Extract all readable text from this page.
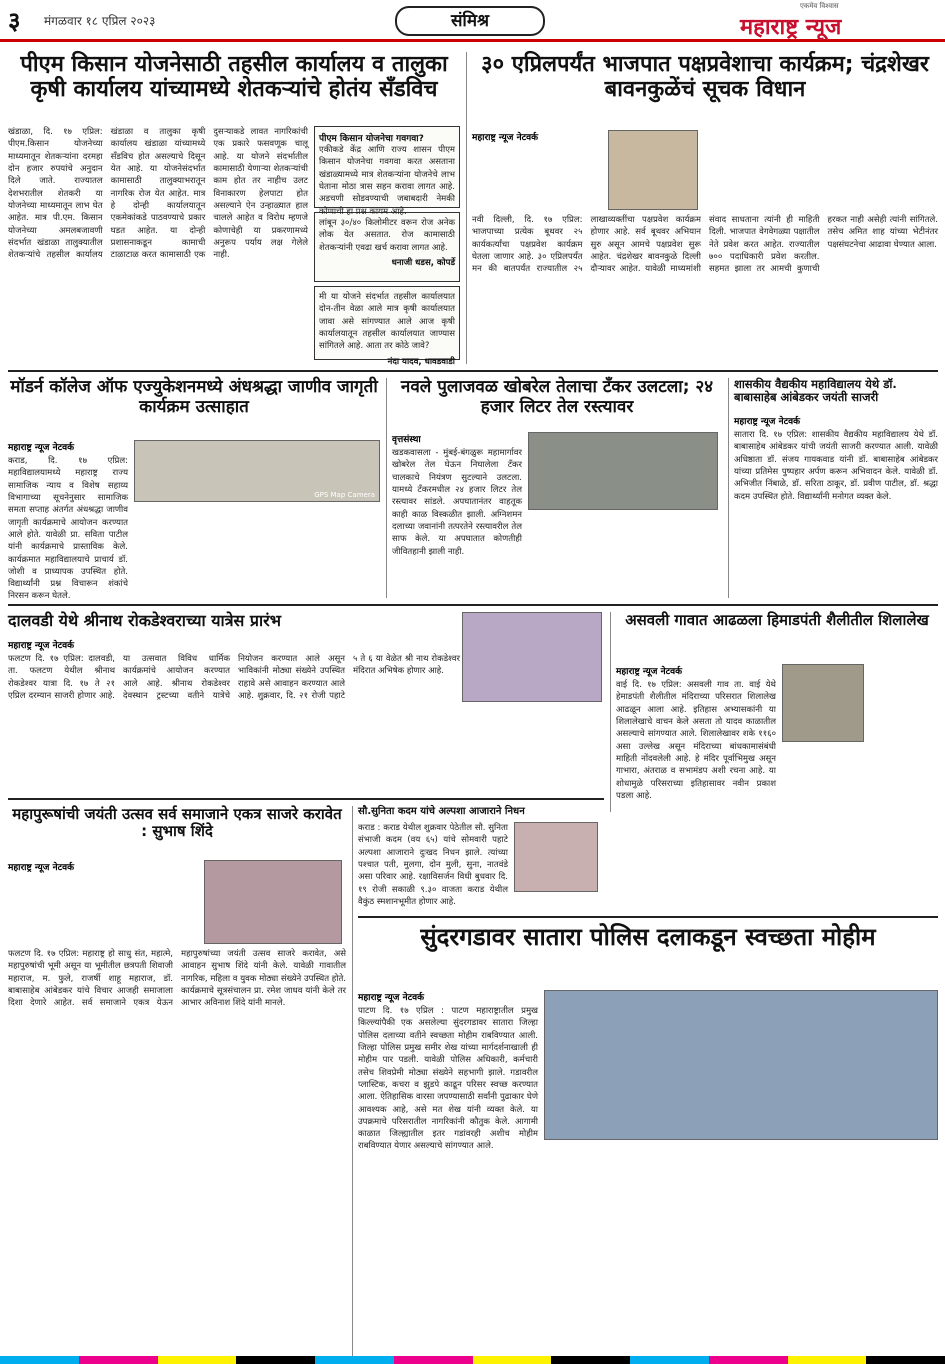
३ मंगळवार १८ एप्रिल २०२३	संमिश्र
एकमेव विश्वास
महाराष्ट्र न्यूज
पीएम किसान योजनेसाठी तहसील कार्यालय व तालुका कृषी कार्यालय यांच्यामध्ये शेतकऱ्यांचे होतंय सँडविच
खंडाळा, दि. १७ एप्रिल: पीएम.किसान योजनेच्या माध्यमातून शेतकऱ्यांना दरमहा दोन हजार रुपयांचे अनुदान दिले जाते. राज्यातल देशभरातील शेतकरी या योजनेच्या माध्यमातून लाभ घेत आहेत. मात्र पी.एम. किसान योजनेच्या अमलबजावणी संदर्भात खंडाळा तालुक्यातील शेतकऱ्यांचे तहसील कार्यालय खंडाळा व तालुका कृषी कार्यालय खंडाळा यांच्यामध्ये सँडविच होत असल्याचे दिसून येत आहे. या योजनेसंदर्भात कामासाठी तालुक्याभरातून नागरिक रोज येत आहेत. मात्र हे दोन्ही कार्यालयातून एकमेकांकडे पाठवण्याचे प्रकार घडत आहेत. या दोन्ही प्रशासनाकडून कामाची टाळाटाळ करत कामासाठी एक दुसऱ्याकडे लावत नागरिकांची एक प्रकारे फसवणूक चालू आहे. या योजने संदर्भातील कामासाठी येणाऱ्या शेतकऱ्यांची काम होत तर नाहीच उलट विनाकारण हेलपाटा होत असल्याने ऐन उन्हाळ्यात हाल चालले आहेत व विरोध म्हणजे कोणाचेही या प्रकरणामध्ये अनुरूप पर्याय लक्ष गेलेले नाही.
पीएम किसान योजनेचा गवगवा?
एकीकडे केंद्र आणि राज्य शासन पीएम किसान योजनेचा गवगवा करत असताना खंडाळ्यामध्ये मात्र शेतकऱ्यांना योजनेचे लाभ घेताना मोठा त्रास सहन करावा लागत आहे. अडचणी सोडवण्याची जबाबदारी नेमकी कोणाची हा प्रश्न कायम आहे.
लांबून ३०/४० किलोमीटर वरून रोज अनेक लोक येत असतात. रोज कामासाठी शेतकऱ्यांनी एवढा खर्च करावा लागत आहे.
धनाजी धडस, कोपर्डे
मी या योजने संदर्भात तहसील कार्यालयात दोन-तीन वेळा आले मात्र कृषी कार्यालयात जावा असे सांगण्यात आले आज कृषी कार्यालयातून तहसील कार्यालयात जाण्यास सांगितले आहे. आता तर कोठे जावे?
नंदा यादव, धावडवाडी
३० एप्रिलपर्यंत भाजपात पक्षप्रवेशाचा कार्यक्रम; चंद्रशेखर बावनकुळेंचं सूचक विधान
महाराष्ट्र न्यूज नेटवर्क
नवी दिल्ली, दि. १७ एप्रिल: भाजपाच्या प्रत्येक बूथवर २५ कार्यकर्त्यांचा पक्षप्रवेश कार्यक्रम घेतला जाणार आहे. ३० एप्रिलपर्यंत मन की बातपर्यंत राज्यातील २५ लाखाव्यक्तींचा पक्षप्रवेश कार्यक्रम होणार आहे. सर्व बूथवर अभियान सुरु असून आमचे पक्षप्रवेश सुरू आहेत. चंद्रशेखर बावनकुळे दिल्ली दौऱ्यावर आहेत. यावेळी माध्यमांशी संवाद साधताना त्यांनी ही माहिती दिली. भाजपात वेगवेगळ्या पक्षातील नेते प्रवेश करत आहेत. राज्यातील ७०० पदाधिकारी प्रवेश करतील. सहमत झाला तर आमची कुणाची हरकत नाही असेही त्यांनी सांगितले. तसेच अमित शाह यांच्या भेटीनंतर पक्षसंघटनेचा आढावा घेण्यात आला.
मॉडर्न कॉलेज ऑफ एज्युकेशनमध्ये अंधश्रद्धा जाणीव जागृती कार्यक्रम उत्साहात
महाराष्ट्र न्यूज नेटवर्क
कराड, दि. १७ एप्रिल: महाविद्यालयामध्ये महाराष्ट्र राज्य सामाजिक न्याय व विशेष सहाय्य विभागाच्या सूचनेनुसार सामाजिक समता सप्ताह अंतर्गत अंधश्रद्धा जाणीव जागृती कार्यक्रमाचे आयोजन करण्यात आले होते. यावेळी प्रा. सविता पाटील यांनी कार्यक्रमाचे प्रास्ताविक केले. कार्यक्रमात महाविद्यालयाचे प्राचार्य डॉ. जोशी व प्राध्यापक उपस्थित होते. विद्यार्थ्यांनी प्रश्न विचारून शंकांचे निरसन करून घेतले.
GPS Map Camera
नवले पुलाजवळ खोबरेल तेलाचा टँकर उलटला; २४ हजार लिटर तेल रस्त्यावर
वृत्तसंस्था
खडकवासला - मुंबई-बंगळुरू महामार्गावर खोबरेल तेल घेऊन निघालेला टँकर चालकाचे नियंत्रण सुटल्याने उलटला. यामध्ये टँकरमधील २४ हजार लिटर तेल रस्त्यावर सांडले. अपघातानंतर वाहतूक काही काळ विस्कळीत झाली. अग्निशमन दलाच्या जवानांनी तत्परतेने रस्त्यावरील तेल साफ केले. या अपघातात कोणतीही जीवितहानी झाली नाही.
शासकीय वैद्यकीय महाविद्यालय येथे डॉ. बाबासाहेब आंबेडकर जयंती साजरी
महाराष्ट्र न्यूज नेटवर्क
सातारा दि. १७ एप्रिल: शासकीय वैद्यकीय महाविद्यालय येथे डॉ. बाबासाहेब आंबेडकर यांची जयंती साजरी करण्यात आली. यावेळी अधिष्ठाता डॉ. संजय गायकवाड यांनी डॉ. बाबासाहेब आंबेडकर यांच्या प्रतिमेस पुष्पहार अर्पण करून अभिवादन केले. यावेळी डॉ. अभिजीत निंबाळे, डॉ. सरिता ठाकूर, डॉ. प्रवीण पाटील, डॉ. श्रद्धा कदम उपस्थित होते. विद्यार्थ्यांनी मनोगत व्यक्त केले.
दालवडी येथे श्रीनाथ रोकडेश्वराच्या यात्रेस प्रारंभ
महाराष्ट्र न्यूज नेटवर्क
फलटण दि. १७ एप्रिल: दालवडी, ता. फलटण येथील श्रीनाथ रोकडेश्वर यात्रा दि. १७ ते २१ एप्रिल दरम्यान साजरी होणार आहे. या उत्सवात विविध धार्मिक कार्यक्रमांचे आयोजन करण्यात आले आहे. श्रीनाथ रोकडेश्वर देवस्थान ट्रस्टच्या वतीने यात्रेचे नियोजन करण्यात आले असून भाविकांनी मोठ्या संख्येने उपस्थित राहावे असे आवाहन करण्यात आले आहे. शुक्रवार, दि. २१ रोजी पहाटे ५ ते ६ या वेळेत श्री नाथ रोकडेश्वर मंदिरात अभिषेक होणार आहे.
असवली गावात आढळला हिमाडपंती शैलीतील शिलालेख
महाराष्ट्र न्यूज नेटवर्क
वाई दि. १७ एप्रिल: असवली गाव ता. वाई येथे हेमाडपंती शैलीतील मंदिराच्या परिसरात शिलालेख आढळून आला आहे. इतिहास अभ्यासकांनी या शिलालेखाचे वाचन केले असता तो यादव काळातील असल्याचे सांगण्यात आले. शिलालेखावर शके ११६० असा उल्लेख असून मंदिराच्या बांधकामासंबंधी माहिती नोंदवलेली आहे. हे मंदिर पूर्वाभिमुख असून गाभारा, अंतराळ व सभामंडप अशी रचना आहे. या शोधामुळे परिसराच्या इतिहासावर नवीन प्रकाश पडला आहे.
महापुरूषांची जयंती उत्सव सर्व समाजाने एकत्र साजरे करावेत : सुभाष शिंदे
महाराष्ट्र न्यूज नेटवर्क
फलटण दि. १७ एप्रिल: महाराष्ट्र हो साधु संत, महात्मे, महापुरुषांची भूमी असून या भूमीतील छत्रपती शिवाजी महाराज, म. फुले, राजर्षी शाहू महाराज, डॉ. बाबासाहेब आंबेडकर यांचे विचार आजही समाजाला दिशा देणारे आहेत. सर्व समाजाने एकत्र येऊन महापुरुषांच्या जयंती उत्सव साजरे करावेत, असे आवाहन सुभाष शिंदे यांनी केले. यावेळी गावातील नागरिक, महिला व युवक मोठ्या संख्येने उपस्थित होते. कार्यक्रमाचे सूत्रसंचालन प्रा. रमेश जाधव यांनी केले तर आभार अविनाश शिंदे यांनी मानले.
सौ.सुनिता कदम यांचे अल्पशा आजाराने निधन
कराड : कराड येथील शुक्रवार पेठेतील सौ. सुनिता संभाजी कदम (वय ६५) यांचे सोमवारी पहाटे अल्पशा आजाराने दुःखद निधन झाले. त्यांच्या पश्चात पती, मुलगा, दोन मुली, सुना, नातवंडे असा परिवार आहे. रक्षाविसर्जन विधी बुधवार दि. १९ रोजी सकाळी ९.३० वाजता कराड येथील वैकुंठ स्मशानभूमीत होणार आहे.
सुंदरगडावर सातारा पोलिस दलाकडून स्वच्छता मोहीम
महाराष्ट्र न्यूज नेटवर्क
पाटण दि. १७ एप्रिल : पाटण महाराष्ट्रातील प्रमुख किल्ल्यांपैकी एक असलेल्या सुंदरगडावर सातारा जिल्हा पोलिस दलाच्या वतीने स्वच्छता मोहीम राबविण्यात आली. जिल्हा पोलिस प्रमुख समीर शेख यांच्या मार्गदर्शनाखाली ही मोहीम पार पडली. यावेळी पोलिस अधिकारी, कर्मचारी तसेच शिवप्रेमी मोठ्या संख्येने सहभागी झाले. गडावरील प्लास्टिक, कचरा व झुडपे काढून परिसर स्वच्छ करण्यात आला. ऐतिहासिक वारसा जपण्यासाठी सर्वांनी पुढाकार घेणे आवश्यक आहे, असे मत शेख यांनी व्यक्त केले. या उपक्रमाचे परिसरातील नागरिकांनी कौतुक केले. आगामी काळात जिल्ह्यातील इतर गडांवरही अशीच मोहीम राबविण्यात येणार असल्याचे सांगण्यात आले.
